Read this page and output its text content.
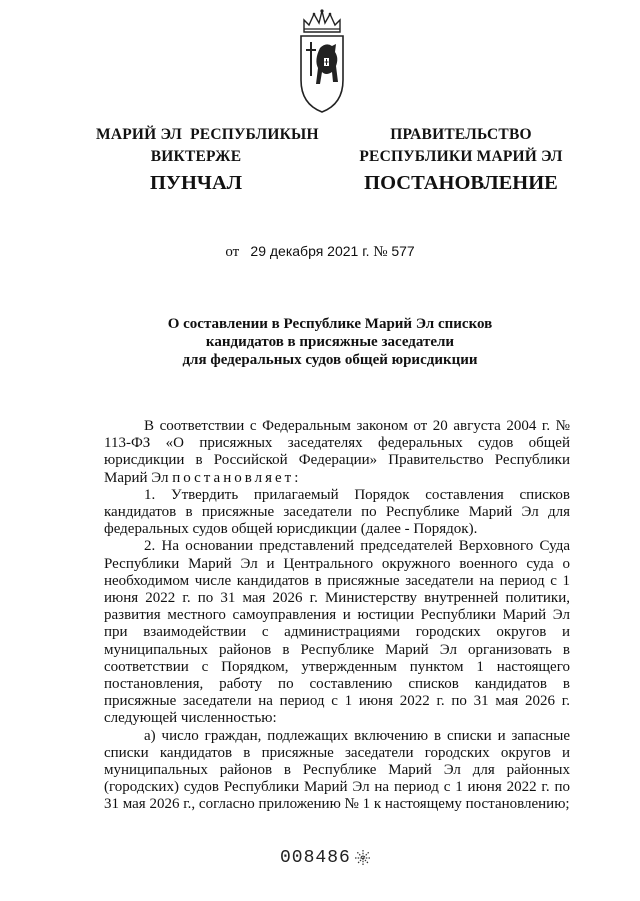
МАРИЙ ЭЛ  РЕСПУБЛИКЫН
ВИКТЕРЖЕ
ПРАВИТЕЛЬСТВО
РЕСПУБЛИКИ МАРИЙ ЭЛ
ПУНЧАЛ	ПОСТАНОВЛЕНИЕ
от 29 декабря 2021 г. № 577
О составлении в Республике Марий Эл списков
кандидатов в присяжные заседатели
для федеральных судов общей юрисдикции

В соответствии с Федеральным законом от 20 августа 2004 г. № 113-ФЗ «О присяжных заседателях федеральных судов общей юрисдикции в Российской Федерации» Правительство Республики Марий Эл постановляет:

1. Утвердить прилагаемый Порядок составления списков кандидатов в присяжные заседатели по Республике Марий Эл для федеральных судов общей юрисдикции (далее - Порядок).

2. На основании представлений председателей Верховного Суда Республики Марий Эл и Центрального окружного военного суда о необходимом числе кандидатов в присяжные заседатели на период с 1 июня 2022 г. по 31 мая 2026 г. Министерству внутренней политики, развития местного самоуправления и юстиции Республики Марий Эл при взаимодействии с администрациями городских округов и муниципальных районов в Республике Марий Эл организовать в соответствии с Порядком, утвержденным пунктом 1 настоящего постановления, работу по составлению списков кандидатов в присяжные заседатели на период с 1 июня 2022 г. по 31 мая 2026 г. следующей численностью:

а) число граждан, подлежащих включению в списки и запасные списки кандидатов в присяжные заседатели городских округов и муниципальных районов в Республике Марий Эл для районных (городских) судов Республики Марий Эл на период с 1 июня 2022 г. по 31 мая 2026 г., согласно приложению № 1 к настоящему постановлению;

008486
